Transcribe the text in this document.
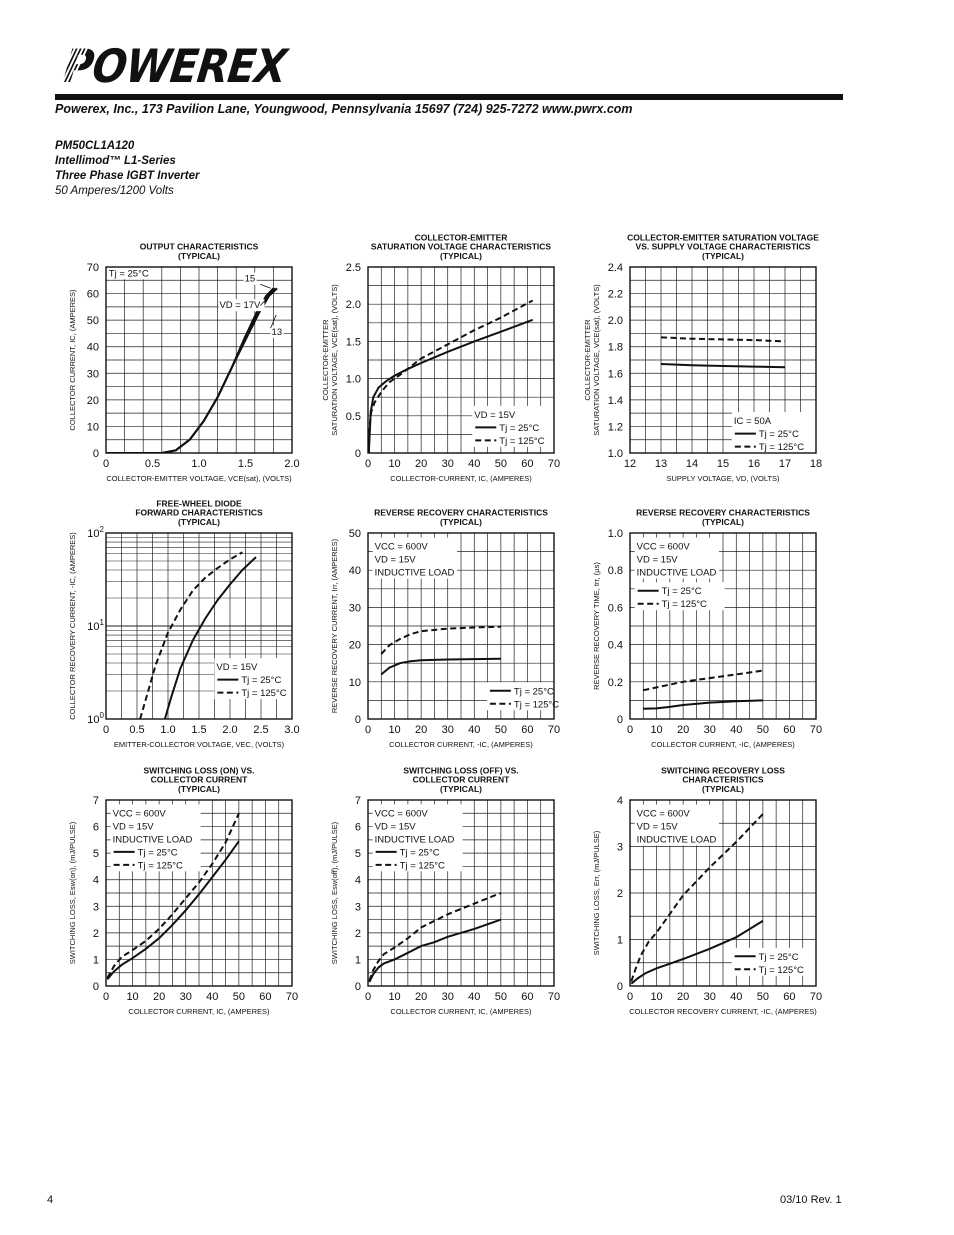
POWEREX
Powerex, Inc., 173 Pavilion Lane, Youngwood, Pennsylvania 15697 (724) 925-7272 www.pwrx.com
PM50CL1A120
Intellimod™ L1-Series
Three Phase IGBT Inverter
50 Amperes/1200 Volts
OUTPUT CHARACTERISTICS
(TYPICAL)
0	0.5	1.0	1.5	2.0
0
10
20
30
40
50
60
70
COLLECTOR-EMITTER VOLTAGE, VCE(sat), (VOLTS)
COLLECTOR CURRENT, IC, (AMPERES)
Tj = 25°C	15
VD = 17V
13
COLLECTOR-EMITTER
SATURATION VOLTAGE CHARACTERISTICS
(TYPICAL)
0 10 20 30 40 50 60 70
0
0.5
1.0
1.5
2.0
2.5
COLLECTOR-CURRENT, IC, (AMPERES)
COLLECTOR-EMITTER SATURATION VOLTAGE, VCE(sat), (VOLTS)	VD = 15V
Tj = 25°C
Tj = 125°C
COLLECTOR-EMITTER SATURATION VOLTAGE
VS. SUPPLY VOLTAGE CHARACTERISTICS
(TYPICAL)
12 13 14 15 16 17 18
1.0
1.2
1.4
1.6
1.8
2.0
2.2
2.4
SUPPLY VOLTAGE, VD, (VOLTS)
COLLECTOR-EMITTER SATURATION VOLTAGE, VCE(sat), (VOLTS)	IC = 50A
Tj = 25°C
Tj = 125°C
FREE-WHEEL DIODE
FORWARD CHARACTERISTICS
(TYPICAL)
0 0.5 1.0 1.5 2.0 2.5 3.0
$10^0$
$10^1$
$10^2$
EMITTER-COLLECTOR VOLTAGE, VEC, (VOLTS)
COLLECTOR RECOVERY CURRENT, -IC, (AMPERES)	VD = 15V
Tj = 25°C
Tj = 125°C
REVERSE RECOVERY CHARACTERISTICS
(TYPICAL)
0 10 20 30 40 50 60 70
0
10
20
30
40
50
COLLECTOR CURRENT, -IC, (AMPERES)
REVERSE RECOVERY CURRENT, Irr, (AMPERES)	VCC = 600V
VD = 15V
INDUCTIVE LOAD
Tj = 25°C
Tj = 125°C
REVERSE RECOVERY CHARACTERISTICS
(TYPICAL)
0 10 20 30 40 50 60 70
0
0.2
0.4
0.6
0.8
1.0
COLLECTOR CURRENT, -IC, (AMPERES)
REVERSE RECOVERY TIME, trr, (µs)
VCC = 600V
VD = 15V
INDUCTIVE LOAD
Tj = 25°C
Tj = 125°C
SWITCHING LOSS (ON) VS.
COLLECTOR CURRENT
(TYPICAL)
0 10 20 30 40 50 60 70
0
1
2
3
4
5
6
7
COLLECTOR CURRENT, IC, (AMPERES)
SWITCHING LOSS, Esw(on), (mJ/PULSE)
VCC = 600V
VD = 15V
INDUCTIVE LOAD
Tj = 25°C
Tj = 125°C
SWITCHING LOSS (OFF) VS.
COLLECTOR CURRENT
(TYPICAL)
0 10 20 30 40 50 60 70
0
1
2
3
4
5
6
7
COLLECTOR CURRENT, IC, (AMPERES)
SWITCHING LOSS, Esw(off), (mJ/PULSE)
VCC = 600V
VD = 15V
INDUCTIVE LOAD
Tj = 25°C
Tj = 125°C
SWITCHING RECOVERY LOSS
CHARACTERISTICS
(TYPICAL)
0 10 20 30 40 50 60 70
0
1
2
3
4
COLLECTOR RECOVERY CURRENT, -IC, (AMPERES)
SWITCHING LOSS, Err, (mJ/PULSE)
VCC = 600V
VD = 15V
INDUCTIVE LOAD
Tj = 25°C
Tj = 125°C
4	03/10 Rev. 1
